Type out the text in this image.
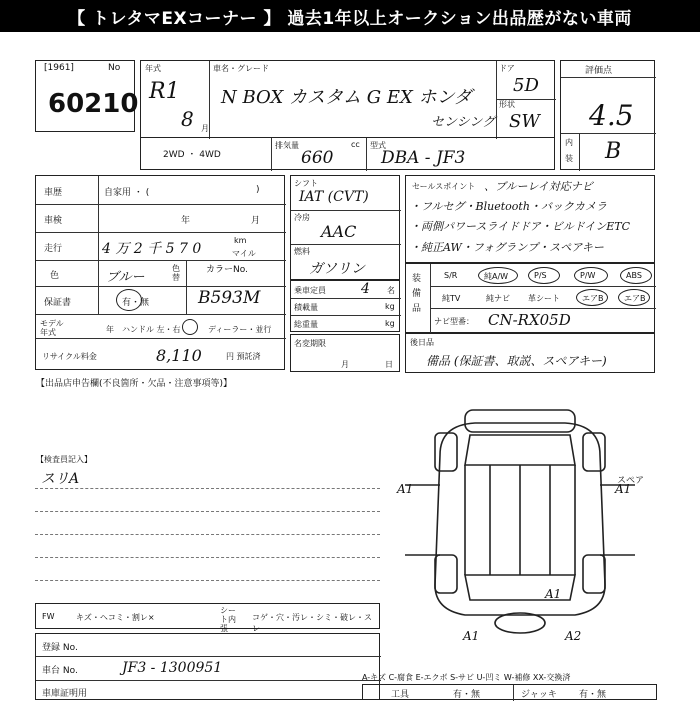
【 トレタマEXコーナー 】 過去1年以上オークション出品歴がない車両
[1961]	No
60210
年式
R1
8 月
車名・グレード
N BOX カスタム G EX ホンダ
センシング
ドア
5D
形状
SW
評価点
4.5
内
装 B
2WD ・ 4WD
排気量	cc
660
型式
DBA - JF3
車歴	自家用 ・ (	)
車検	年	月
走行	4 万 2 千 5 7 0
km
マイル
色	ブルー
色替
カラーNo.
保証書	有・無	B593M
モデル年式	年 ハンドル 左・右	ディーラー・並行
リサイクル料金	8,110	円 預託済
シフト
IAT (CVT)
冷房
AAC
燃料
ガソリン
乗車定員	4 名
積載量	kg
総重量	kg
名変期限
月	日
セールスポイント 、ブルーレイ対応ナビ
・フルセグ・Bluetooth・バックカメラ
・両側パワースライドドア・ビルドインETC
・純正AW・フォグランプ・スペアキー
装備品
S/R	純A/W	P/S	P/W	ABS
純TV	純ナビ 革シート	エアB	エアB
ナビ型番： CN-RX05D
後日品
備品 (保証書、取説、スペアキー)
【出品店申告欄(不良箇所・欠品・注意事項等)】
【検査員記入】
スリA
FW	キズ・ヘコミ・割レ×
シート内張
コゲ・穴・汚レ・シミ・破レ・スレ
登録 No.
車台 No.	JF3 - 1300951
車庫証明用
A-キズ C-腐食 E-エクボ S-サビ U-凹ミ W-補修 XX-交換済
工具	有・無	ジャッキ 有・無
A1	A1
A1
A1
A2
スペア
